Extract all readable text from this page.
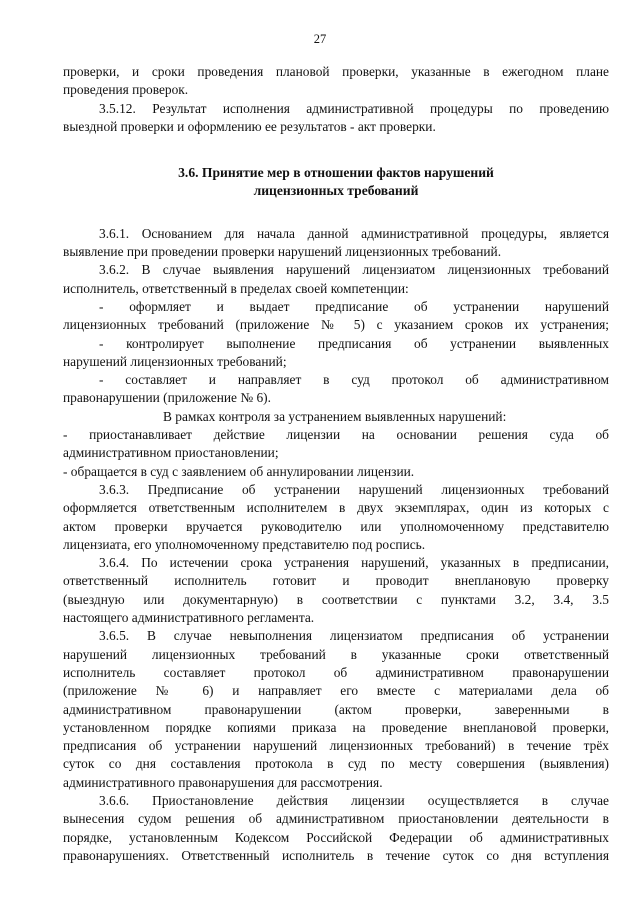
27
проверки, и сроки проведения плановой проверки, указанные в ежегодном плане
проведения проверок.
3.5.12. Результат исполнения административной процедуры по проведению
выездной проверки и оформлению ее результатов - акт проверки.
3.6. Принятие мер в отношении фактов нарушений
лицензионных требований
3.6.1. Основанием для начала данной административной процедуры, является
выявление при проведении проверки нарушений лицензионных требований.
3.6.2. В случае выявления нарушений лицензиатом лицензионных требований
исполнитель, ответственный в пределах своей компетенции:
- оформляет и выдает предписание об устранении нарушений
лицензионных требований (приложение № 5) с указанием сроков их устранения;
- контролирует выполнение предписания об устранении выявленных
нарушений лицензионных требований;
- составляет и направляет в суд протокол об административном
правонарушении (приложение № 6).
В рамках контроля за устранением выявленных нарушений:
- приостанавливает действие лицензии на основании решения суда об
административном приостановлении;
- обращается в суд с заявлением об аннулировании лицензии.
3.6.3. Предписание об устранении нарушений лицензионных требований
оформляется ответственным исполнителем в двух экземплярах, один из которых с
актом проверки вручается руководителю или уполномоченному представителю
лицензиата, его уполномоченному представителю под роспись.
3.6.4. По истечении срока устранения нарушений, указанных в предписании,
ответственный исполнитель готовит и проводит внеплановую проверку
(выездную или документарную) в соответствии с пунктами 3.2, 3.4, 3.5
настоящего административного регламента.
3.6.5. В случае невыполнения лицензиатом предписания об устранении
нарушений лицензионных требований в указанные сроки ответственный
исполнитель составляет протокол об административном правонарушении
(приложение № 6) и направляет его вместе с материалами дела об
административном правонарушении (актом проверки, заверенными в
установленном порядке копиями приказа на проведение внеплановой проверки,
предписания об устранении нарушений лицензионных требований) в течение трёх
суток со дня составления протокола в суд по месту совершения (выявления)
административного правонарушения для рассмотрения.
3.6.6. Приостановление действия лицензии осуществляется в случае
вынесения судом решения об административном приостановлении деятельности в
порядке, установленным Кодексом Российской Федерации об административных
правонарушениях. Ответственный исполнитель в течение суток со дня вступления
